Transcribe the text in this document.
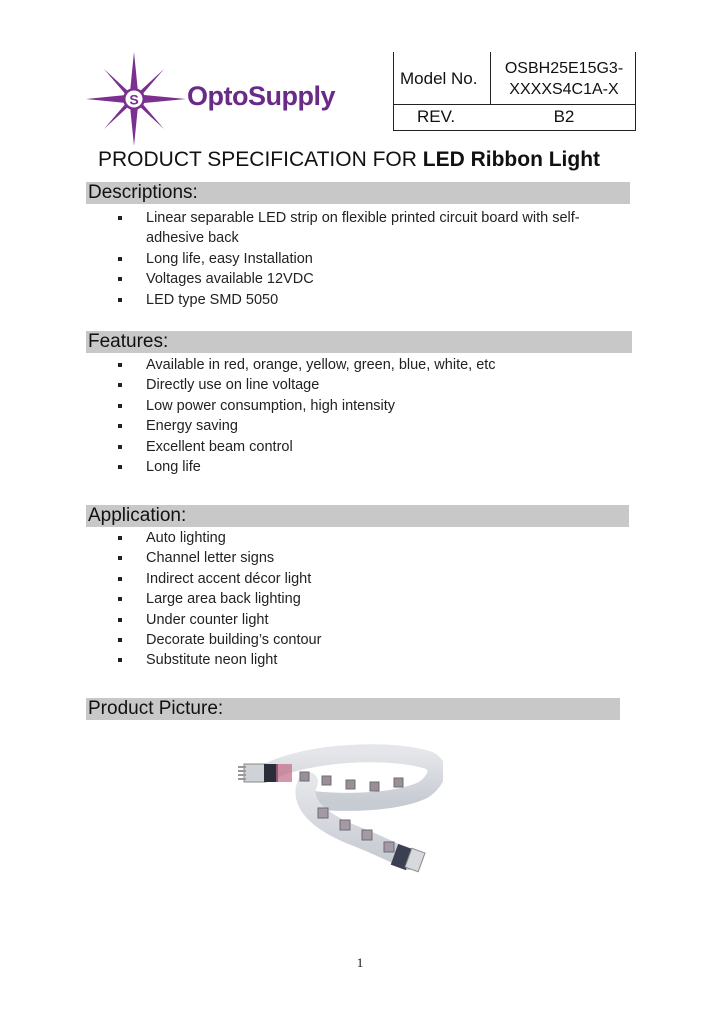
S OptoSupply
Model No.
OSBH25E15G3-
XXXXS4C1A-X
REV.	B2
PRODUCT SPECIFICATION FOR LED Ribbon Light
Descriptions:
Linear separable LED strip on flexible printed circuit board with self-
adhesive back
Long life, easy Installation
Voltages available 12VDC
LED type SMD 5050
Features:
Available in red, orange, yellow, green, blue, white, etc
Directly use on line voltage
Low power consumption, high intensity
Energy saving
Excellent beam control
Long life
Application:
Auto lighting
Channel letter signs
Indirect accent décor light
Large area back lighting
Under counter light
Decorate building’s contour
Substitute neon light
Product Picture:
1
